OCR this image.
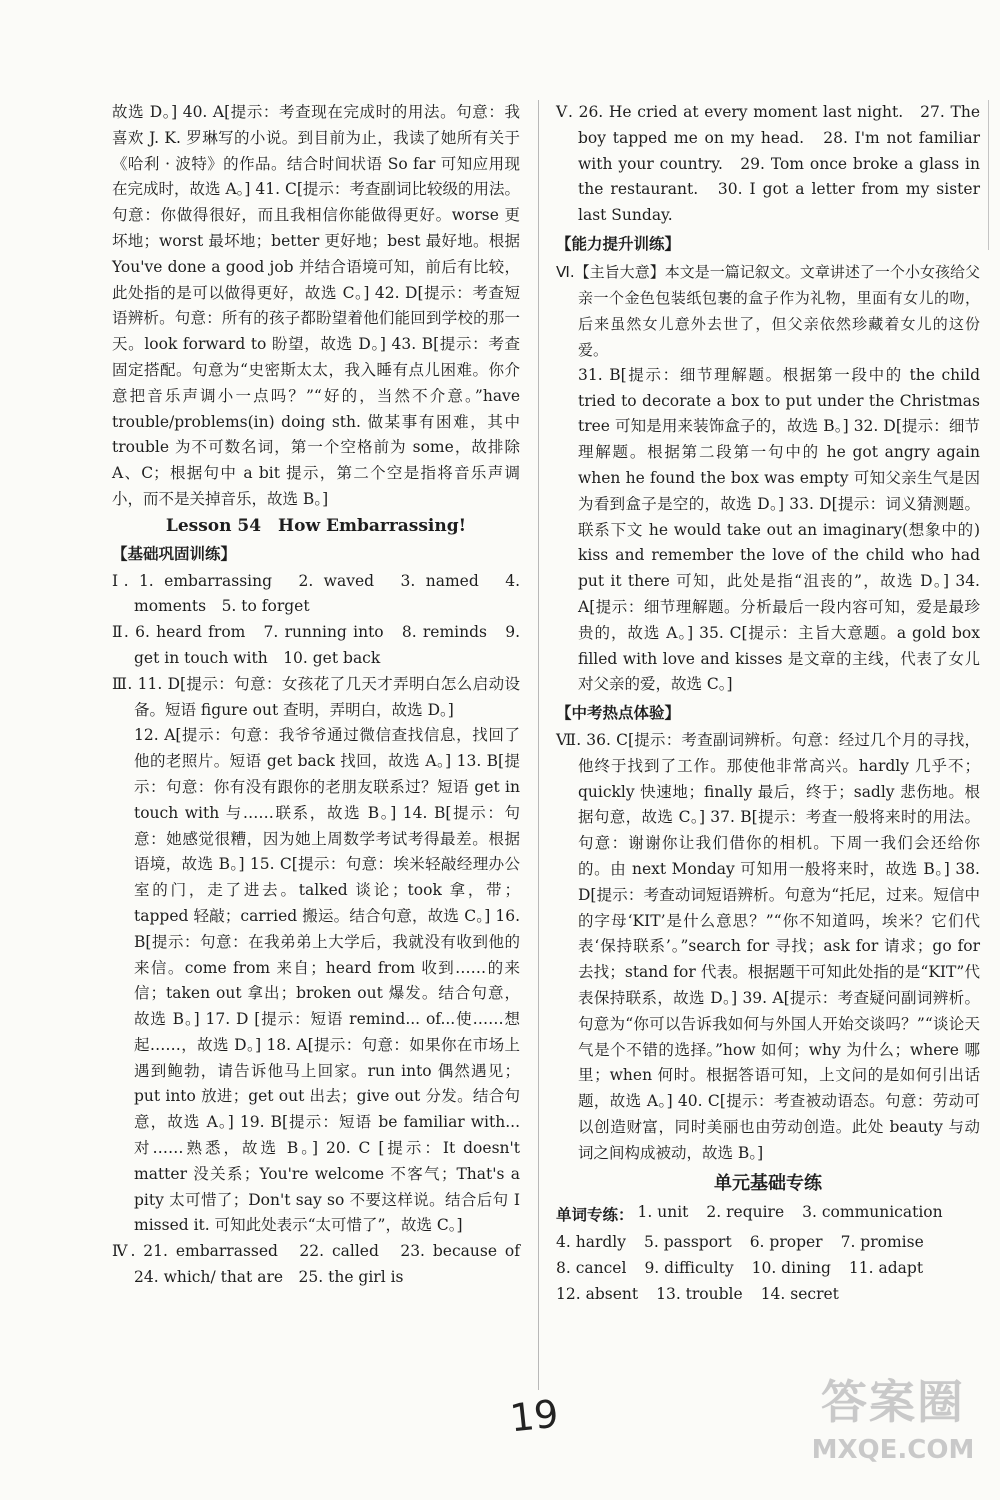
故选 D。] 40. A[提示：考查现在完成时的用法。句意：我喜欢 J. K. 罗琳写的小说。到目前为止，我读了她所有关于《哈利 · 波特》的作品。结合时间状语 So far 可知应用现在完成时，故选 A。] 41. C[提示：考查副词比较级的用法。句意：你做得很好，而且我相信你能做得更好。worse 更坏地；worst 最坏地；better 更好地；best 最好地。根据 You've done a good job 并结合语境可知，前后有比较，此处指的是可以做得更好，故选 C。] 42. D[提示：考查短语辨析。句意：所有的孩子都盼望着他们能回到学校的那一天。look forward to 盼望，故选 D。] 43. B[提示：考查固定搭配。句意为“史密斯太太，我入睡有点儿困难。你介意把音乐声调小一点吗？”“好的，当然不介意。”have trouble/problems(in) doing sth. 做某事有困难，其中 trouble 为不可数名词，第一个空格前为 some，故排除 A、C；根据句中 a bit 提示，第二个空是指将音乐声调小，而不是关掉音乐，故选 B。]

Lesson 54　How Embarrassing!

【基础巩固训练】

Ⅰ. 1. embarrassing　2. waved　3. named　4. moments　5. to forget

Ⅱ. 6. heard from　7. running into　8. reminds　9. get in touch with　10. get back

Ⅲ. 11. D[提示：句意：女孩花了几天才弄明白怎么启动设备。短语 figure out 查明，弄明白，故选 D。]

12. A[提示：句意：我爷爷通过微信查找信息，找回了他的老照片。短语 get back 找回，故选 A。] 13. B[提示：句意：你有没有跟你的老朋友联系过？短语 get in touch with 与……联系，故选 B。] 14. B[提示：句意：她感觉很糟，因为她上周数学考试考得最差。根据语境，故选 B。] 15. C[提示：句意：埃米轻敲经理办公室的门，走了进去。talked 谈论；took 拿，带；tapped 轻敲；carried 搬运。结合句意，故选 C。] 16. B[提示：句意：在我弟弟上大学后，我就没有收到他的来信。come from 来自；heard from 收到……的来信；taken out 拿出；broken out 爆发。结合句意，故选 B。] 17. D [提示：短语 remind... of...使……想起……，故选 D。] 18. A[提示：句意：如果你在市场上遇到鲍勃，请告诉他马上回家。run into 偶然遇见；put into 放进；get out 出去；give out 分发。结合句意，故选 A。] 19. B[提示：短语 be familiar with...对……熟悉，故选 B。] 20. C [提示：It doesn't matter 没关系；You're welcome 不客气；That's a pity 太可惜了；Don't say so 不要这样说。结合后句 I missed it. 可知此处表示“太可惜了”，故选 C。]

Ⅳ. 21. embarrassed　22. called　23. because of　24. which/ that are　25. the girl is

Ⅴ. 26. He cried at every moment last night.　27. The boy tapped me on my head.　28. I'm not familiar with your country.　29. Tom once broke a glass in the restaurant.　30. I got a letter from my sister last Sunday.

【能力提升训练】

Ⅵ.【主旨大意】本文是一篇记叙文。文章讲述了一个小女孩给父亲一个金色包装纸包裹的盒子作为礼物，里面有女儿的吻，后来虽然女儿意外去世了，但父亲依然珍藏着女儿的这份爱。

31. B[提示：细节理解题。根据第一段中的 the child tried to decorate a box to put under the Christmas tree 可知是用来装饰盒子的，故选 B。] 32. D[提示：细节理解题。根据第二段第一句中的 he got angry again when he found the box was empty 可知父亲生气是因为看到盒子是空的，故选 D。] 33. D[提示：词义猜测题。联系下文 he would take out an imaginary(想象中的) kiss and remember the love of the child who had put it there 可知，此处是指“沮丧的”，故选 D。] 34. A[提示：细节理解题。分析最后一段内容可知，爱是最珍贵的，故选 A。] 35. C[提示：主旨大意题。a gold box filled with love and kisses 是文章的主线，代表了女儿对父亲的爱，故选 C。]

【中考热点体验】

Ⅶ. 36. C[提示：考查副词辨析。句意：经过几个月的寻找，他终于找到了工作。那使他非常高兴。hardly 几乎不；quickly 快速地；finally 最后，终于；sadly 悲伤地。根据句意，故选 C。] 37. B[提示：考查一般将来时的用法。句意：谢谢你让我们借你的相机。下周一我们会还给你的。由 next Monday 可知用一般将来时，故选 B。] 38. D[提示：考查动词短语辨析。句意为“托尼，过来。短信中的字母‘KIT’是什么意思？”“你不知道吗，埃米？它们代表‘保持联系’。”search for 寻找；ask for 请求；go for 去找；stand for 代表。根据题干可知此处指的是“KIT”代表保持联系，故选 D。] 39. A[提示：考查疑问副词辨析。句意为“你可以告诉我如何与外国人开始交谈吗？”“谈论天气是个不错的选择。”how 如何；why 为什么；where 哪里；when 何时。根据答语可知，上文问的是如何引出话题，故选 A。] 40. C[提示：考查被动语态。句意：劳动可以创造财富，同时美丽也由劳动创造。此处 beauty 与动词之间构成被动，故选 B。]

单元基础专练

单词专练： 1. unit 2. require 3. communication
4. hardly 5. passport 6. proper 7. promise
8. cancel 9. difficulty 10. dining 11. adapt
12. absent 13. trouble 14. secret
19	答案圈
MXQE.COM
